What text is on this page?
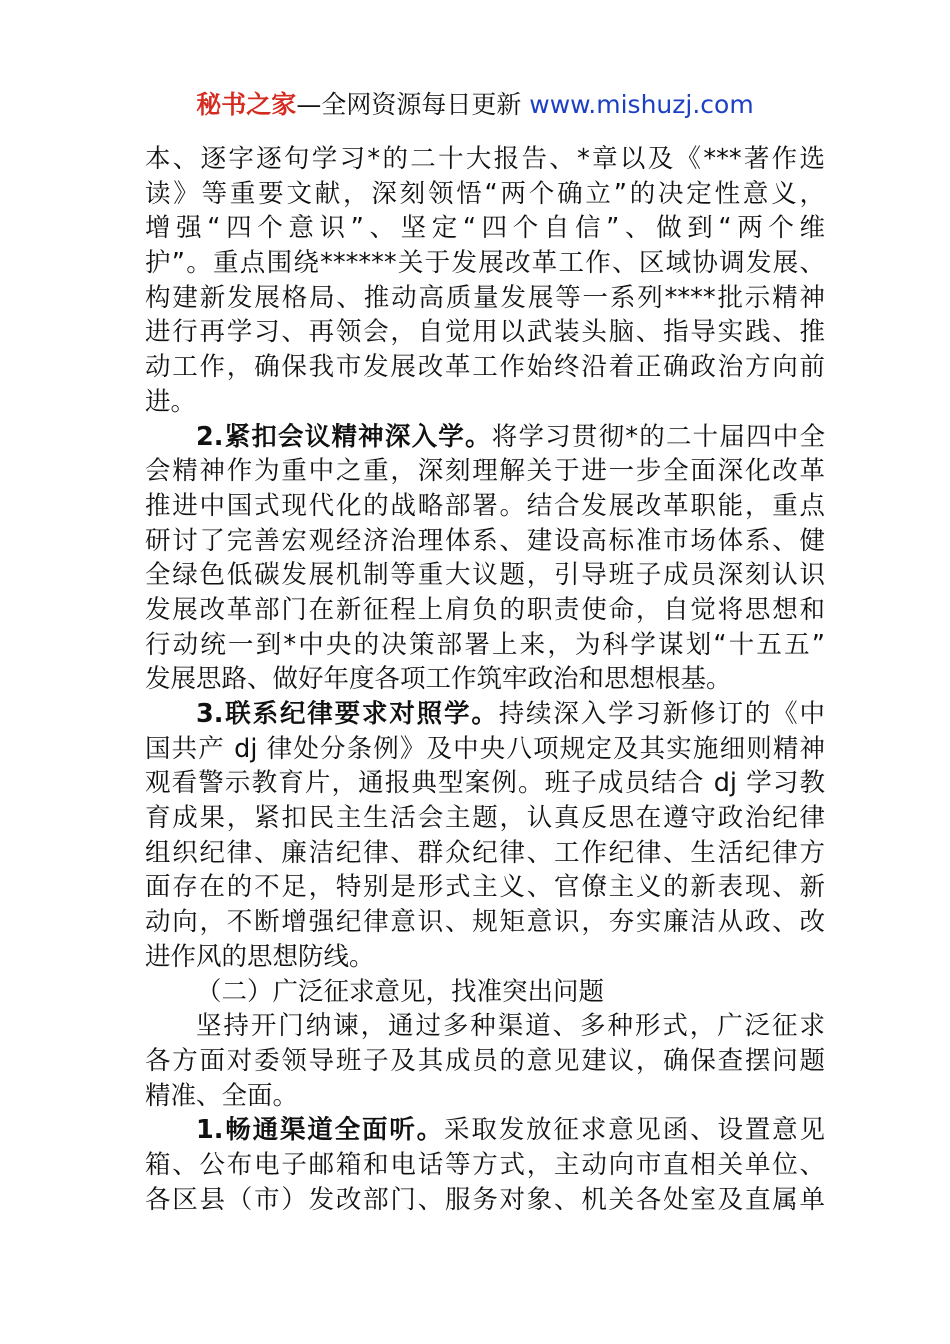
秘书之家—全网资源每日更新 www.mishuzj.com
本、逐字逐句学习*的二十大报告、*章以及《***著作选
读》等重要文献，深刻领悟“两个确立”的决定性意义，
增强“四个意识”、坚定“四个自信”、做到“两个维
护”。重点围绕******关于发展改革工作、区域协调发展、
构建新发展格局、推动高质量发展等一系列****批示精神
进行再学习、再领会，自觉用以武装头脑、指导实践、推
动工作，确保我市发展改革工作始终沿着正确政治方向前
进。
2.紧扣会议精神深入学。将学习贯彻*的二十届四中全
会精神作为重中之重，深刻理解关于进一步全面深化改革
推进中国式现代化的战略部署。结合发展改革职能，重点
研讨了完善宏观经济治理体系、建设高标准市场体系、健
全绿色低碳发展机制等重大议题，引导班子成员深刻认识
发展改革部门在新征程上肩负的职责使命，自觉将思想和
行动统一到*中央的决策部署上来，为科学谋划“十五五”
发展思路、做好年度各项工作筑牢政治和思想根基。
3.联系纪律要求对照学。持续深入学习新修订的《中
国共产 dj 律处分条例》及中央八项规定及其实施细则精神
观看警示教育片，通报典型案例。班子成员结合 dj 学习教
育成果，紧扣民主生活会主题，认真反思在遵守政治纪律
组织纪律、廉洁纪律、群众纪律、工作纪律、生活纪律方
面存在的不足，特别是形式主义、官僚主义的新表现、新
动向，不断增强纪律意识、规矩意识，夯实廉洁从政、改
进作风的思想防线。
（二）广泛征求意见，找准突出问题
坚持开门纳谏，通过多种渠道、多种形式，广泛征求
各方面对委领导班子及其成员的意见建议，确保查摆问题
精准、全面。
1.畅通渠道全面听。采取发放征求意见函、设置意见
箱、公布电子邮箱和电话等方式，主动向市直相关单位、
各区县（市）发改部门、服务对象、机关各处室及直属单
